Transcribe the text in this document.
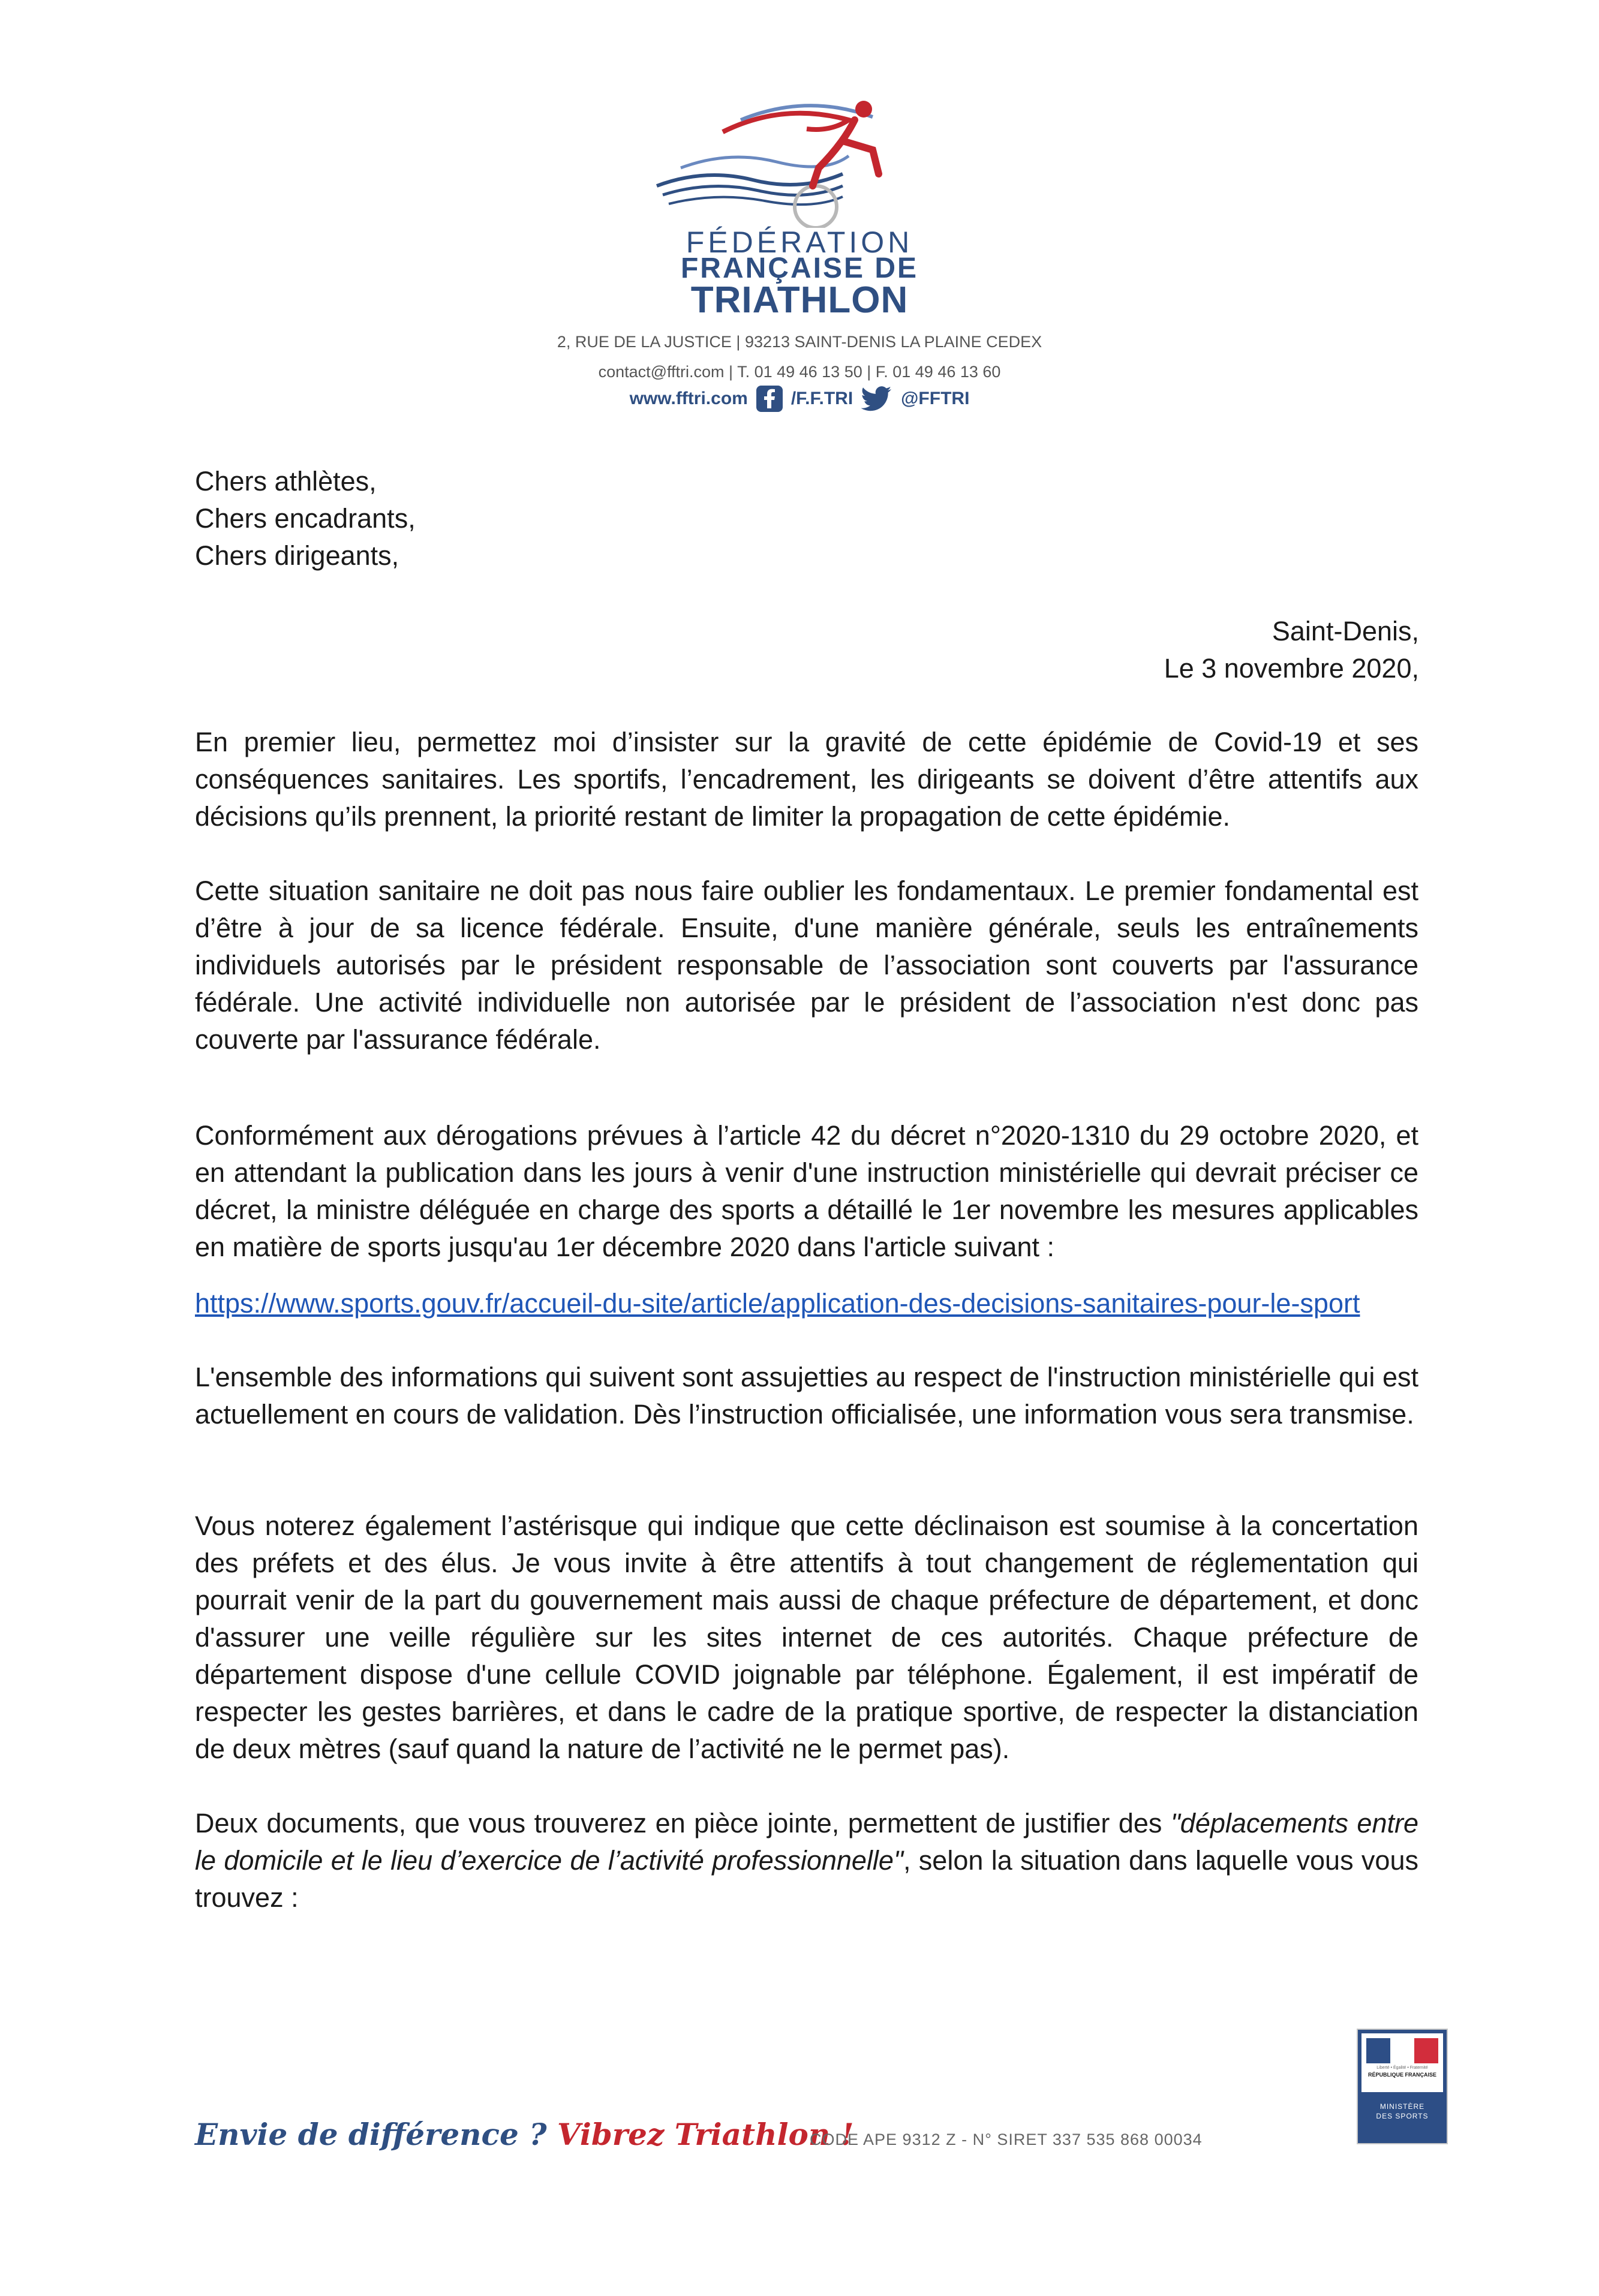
FÉDÉRATION
FRANÇAISE DE
TRIATHLON
2, RUE DE LA JUSTICE | 93213 SAINT-DENIS LA PLAINE CEDEX
contact@fftri.com | T. 01 49 46 13 50 | F. 01 49 46 13 60
www.fftri.com /F.F.TRI	@FFTRI
Chers athlètes,
Chers encadrants,
Chers dirigeants,
Saint-Denis,
Le 3 novembre 2020,
En premier lieu, permettez moi d’insister sur la gravité de cette épidémie de Covid-19 et ses conséquences sanitaires. Les sportifs, l’encadrement, les dirigeants se doivent d’être attentifs aux décisions qu’ils prennent, la priorité restant de limiter la propagation de cette épidémie.
Cette situation sanitaire ne doit pas nous faire oublier les fondamentaux. Le premier fondamental est d’être à jour de sa licence fédérale. Ensuite, d'une manière générale, seuls les entraînements individuels autorisés par le président responsable de l’association sont couverts par l'assurance fédérale. Une activité individuelle non autorisée par le président de l’association n'est donc pas couverte par l'assurance fédérale.
Conformément aux dérogations prévues à l’article 42 du décret n°2020-1310 du 29 octobre 2020, et en attendant la publication dans les jours à venir d'une instruction ministérielle qui devrait préciser ce décret, la ministre déléguée en charge des sports a détaillé le 1er novembre les mesures applicables en matière de sports jusqu'au 1er décembre 2020 dans l'article suivant :
https://www.sports.gouv.fr/accueil-du-site/article/application-des-decisions-sanitaires-pour-le-sport
L'ensemble des informations qui suivent sont assujetties au respect de l'instruction ministérielle qui est actuellement en cours de validation. Dès l’instruction officialisée, une information vous sera transmise.
Vous noterez également l’astérisque qui indique que cette déclinaison est soumise à la concertation des préfets et des élus. Je vous invite à être attentifs à tout changement de réglementation qui pourrait venir de la part du gouvernement mais aussi de chaque préfecture de département, et donc d'assurer une veille régulière sur les sites internet de ces autorités. Chaque préfecture de département dispose d'une cellule COVID joignable par téléphone. Également, il est impératif de respecter les gestes barrières, et dans le cadre de la pratique sportive, de respecter la distanciation de deux mètres (sauf quand la nature de l’activité ne le permet pas).
Deux documents, que vous trouverez en pièce jointe, permettent de justifier des "déplacements entre le domicile et le lieu d’exercice de l’activité professionnelle", selon la situation dans laquelle vous vous trouvez :
Envie de différence ? Vibrez Triathlon !
CODE APE 9312 Z - N° SIRET 337 535 868 00034
Liberté • Égalité • Fraternité
RÉPUBLIQUE FRANÇAISE
MINISTÈRE
DES SPORTS
